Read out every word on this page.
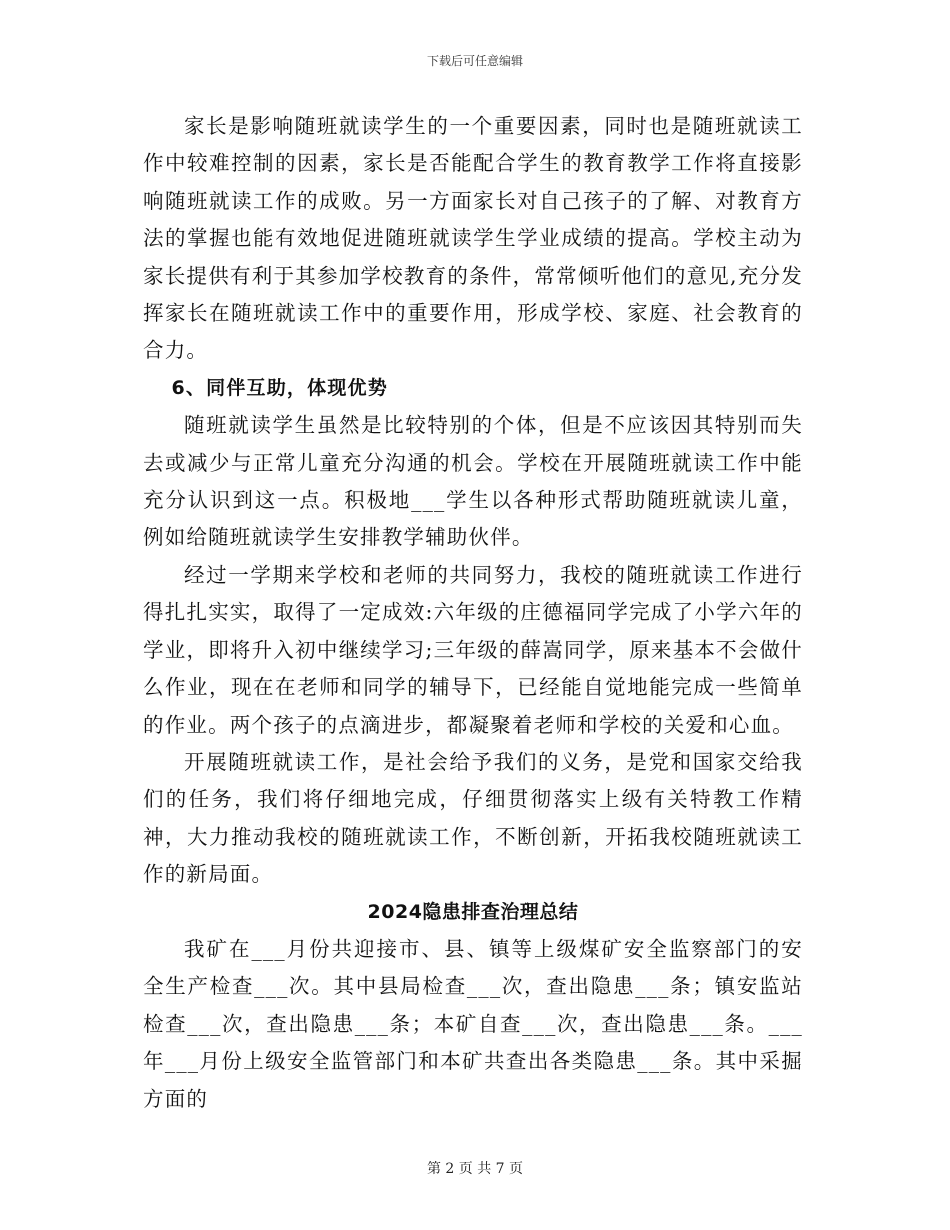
下载后可任意编辑

家长是影响随班就读学生的一个重要因素，同时也是随班就读工作中较难控制的因素，家长是否能配合学生的教育教学工作将直接影响随班就读工作的成败。另一方面家长对自己孩子的了解、对教育方法的掌握也能有效地促进随班就读学生学业成绩的提高。学校主动为家长提供有利于其参加学校教育的条件，常常倾听他们的意见,充分发挥家长在随班就读工作中的重要作用，形成学校、家庭、社会教育的合力。

6、同伴互助，体现优势

随班就读学生虽然是比较特别的个体，但是不应该因其特别而失去或减少与正常儿童充分沟通的机会。学校在开展随班就读工作中能充分认识到这一点。积极地___学生以各种形式帮助随班就读儿童，例如给随班就读学生安排教学辅助伙伴。

经过一学期来学校和老师的共同努力，我校的随班就读工作进行得扎扎实实，取得了一定成效:六年级的庄德福同学完成了小学六年的学业，即将升入初中继续学习;三年级的薛嵩同学，原来基本不会做什么作业，现在在老师和同学的辅导下，已经能自觉地能完成一些简单的作业。两个孩子的点滴进步，都凝聚着老师和学校的关爱和心血。

开展随班就读工作，是社会给予我们的义务，是党和国家交给我们的任务，我们将仔细地完成，仔细贯彻落实上级有关特教工作精神，大力推动我校的随班就读工作，不断创新，开拓我校随班就读工作的新局面。

2024隐患排查治理总结

我矿在___月份共迎接市、县、镇等上级煤矿安全监察部门的安全生产检查___次。其中县局检查___次，查出隐患___条；镇安监站检查___次，查出隐患___条；本矿自查___次，查出隐患___条。___年___月份上级安全监管部门和本矿共查出各类隐患___条。其中采掘方面的

第 2 页 共 7 页
